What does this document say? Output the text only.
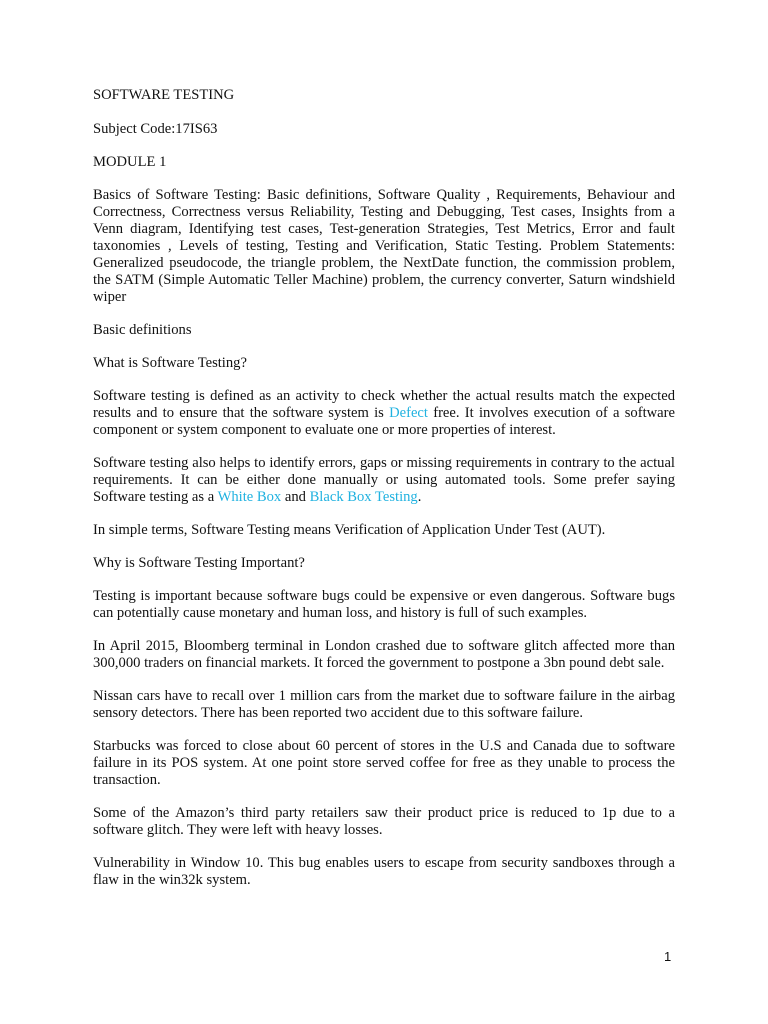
SOFTWARE TESTING

Subject Code:17IS63

MODULE 1

Basics of Software Testing: Basic definitions, Software Quality , Requirements, Behaviour and Correctness, Correctness versus Reliability, Testing and Debugging, Test cases, Insights from a Venn diagram, Identifying test cases, Test-generation Strategies, Test Metrics, Error and fault taxonomies , Levels of testing, Testing and Verification, Static Testing. Problem Statements: Generalized pseudocode, the triangle problem, the NextDate function, the commission problem, the SATM (Simple Automatic Teller Machine) problem, the currency converter, Saturn windshield wiper

Basic definitions

What is Software Testing?

Software testing is defined as an activity to check whether the actual results match the expected results and to ensure that the software system is Defect free. It involves execution of a software component or system component to evaluate one or more properties of interest.

Software testing also helps to identify errors, gaps or missing requirements in contrary to the actual requirements. It can be either done manually or using automated tools. Some prefer saying Software testing as a White Box and Black Box Testing.

In simple terms, Software Testing means Verification of Application Under Test (AUT).

Why is Software Testing Important?

Testing is important because software bugs could be expensive or even dangerous. Software bugs can potentially cause monetary and human loss, and history is full of such examples.

In April 2015, Bloomberg terminal in London crashed due to software glitch affected more than 300,000 traders on financial markets. It forced the government to postpone a 3bn pound debt sale.

Nissan cars have to recall over 1 million cars from the market due to software failure in the airbag sensory detectors. There has been reported two accident due to this software failure.

Starbucks was forced to close about 60 percent of stores in the U.S and Canada due to software failure in its POS system. At one point store served coffee for free as they unable to process the transaction.

Some of the Amazon’s third party retailers saw their product price is reduced to 1p due to a software glitch. They were left with heavy losses.

Vulnerability in Window 10. This bug enables users to escape from security sandboxes through a flaw in the win32k system.

1
